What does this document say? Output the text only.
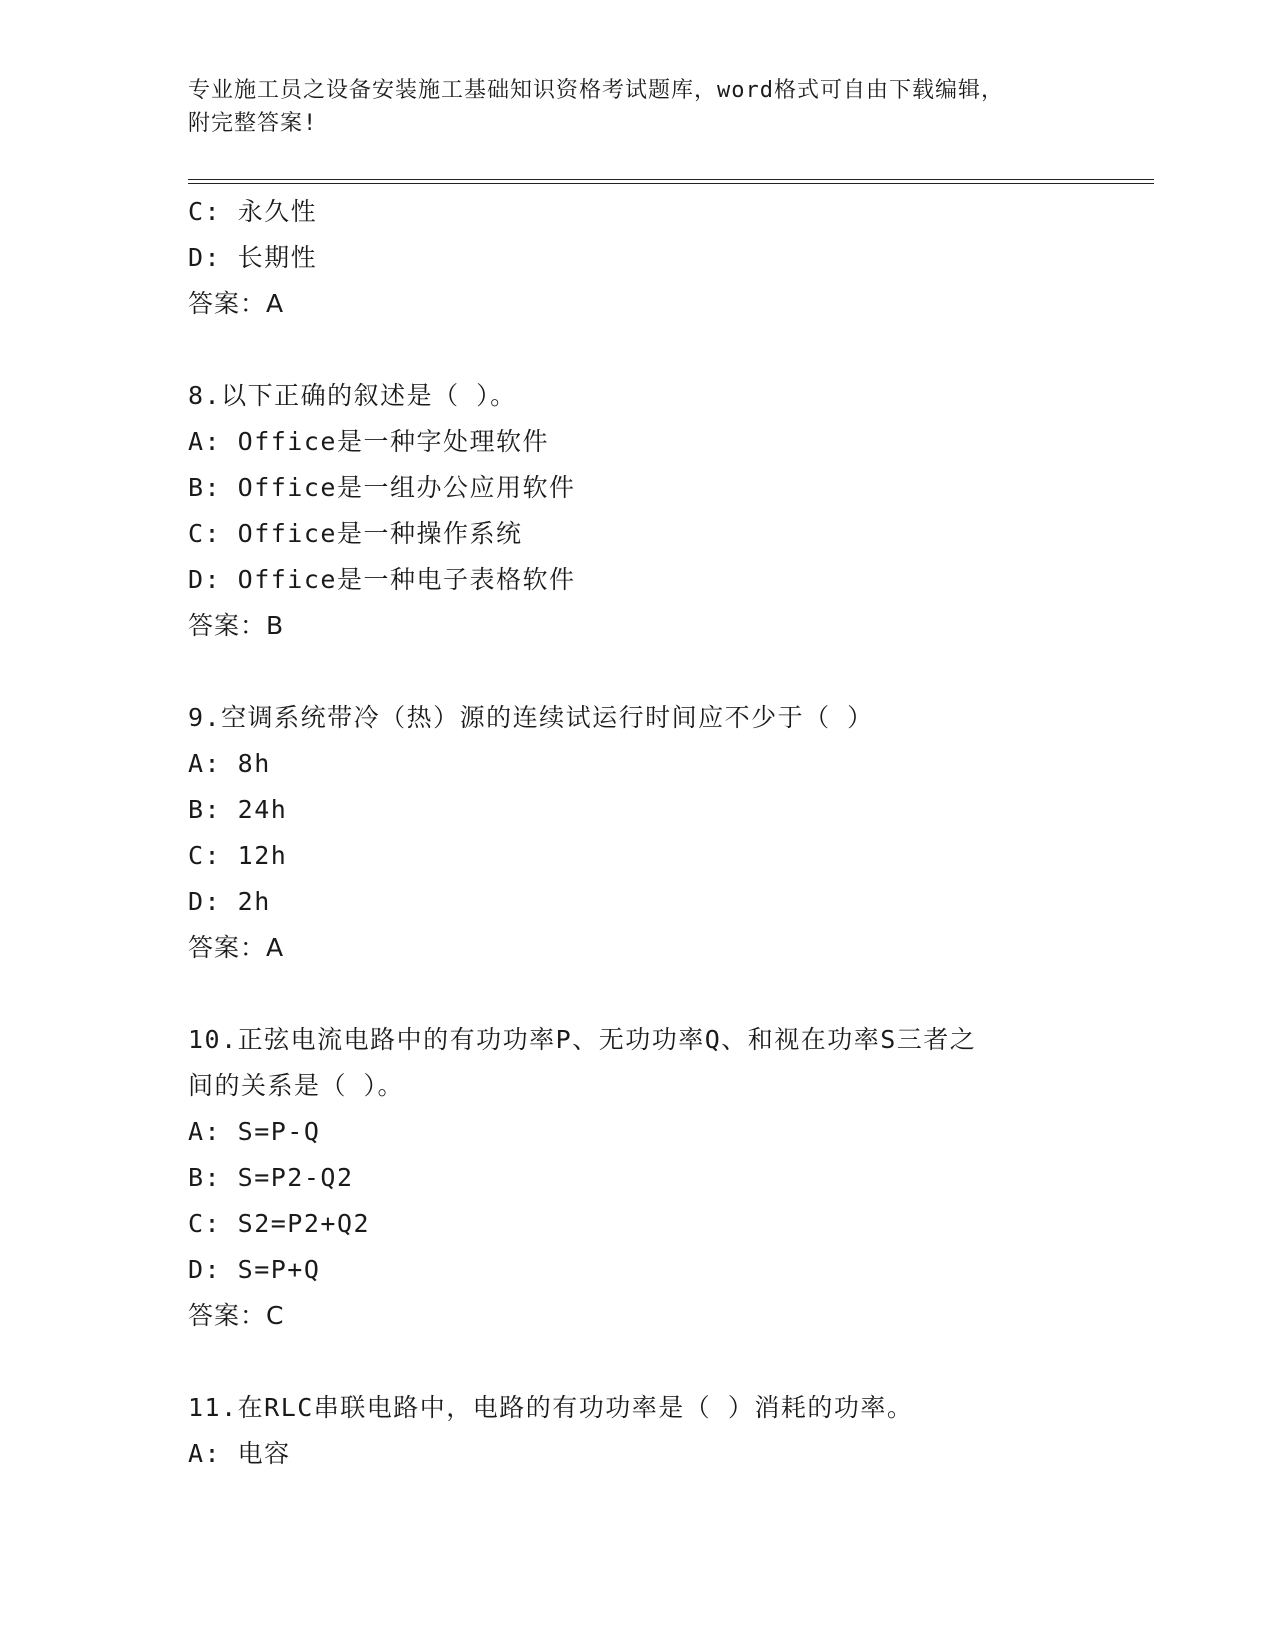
专业施工员之设备安装施工基础知识资格考试题库，word格式可自由下载编辑，
附完整答案!
C: 永久性
D: 长期性
答案：A
8.以下正确的叙述是（ ）。
A: Office是一种字处理软件
B: Office是一组办公应用软件
C: Office是一种操作系统
D: Office是一种电子表格软件
答案：B
9.空调系统带冷（热）源的连续试运行时间应不少于（ ）
A: 8h
B: 24h
C: 12h
D: 2h
答案：A
10.正弦电流电路中的有功功率P、无功功率Q、和视在功率S三者之
间的关系是（ ）。
A: S=P-Q
B: S=P2-Q2
C: S2=P2+Q2
D: S=P+Q
答案：C
11.在RLC串联电路中，电路的有功功率是（ ）消耗的功率。
A: 电容
